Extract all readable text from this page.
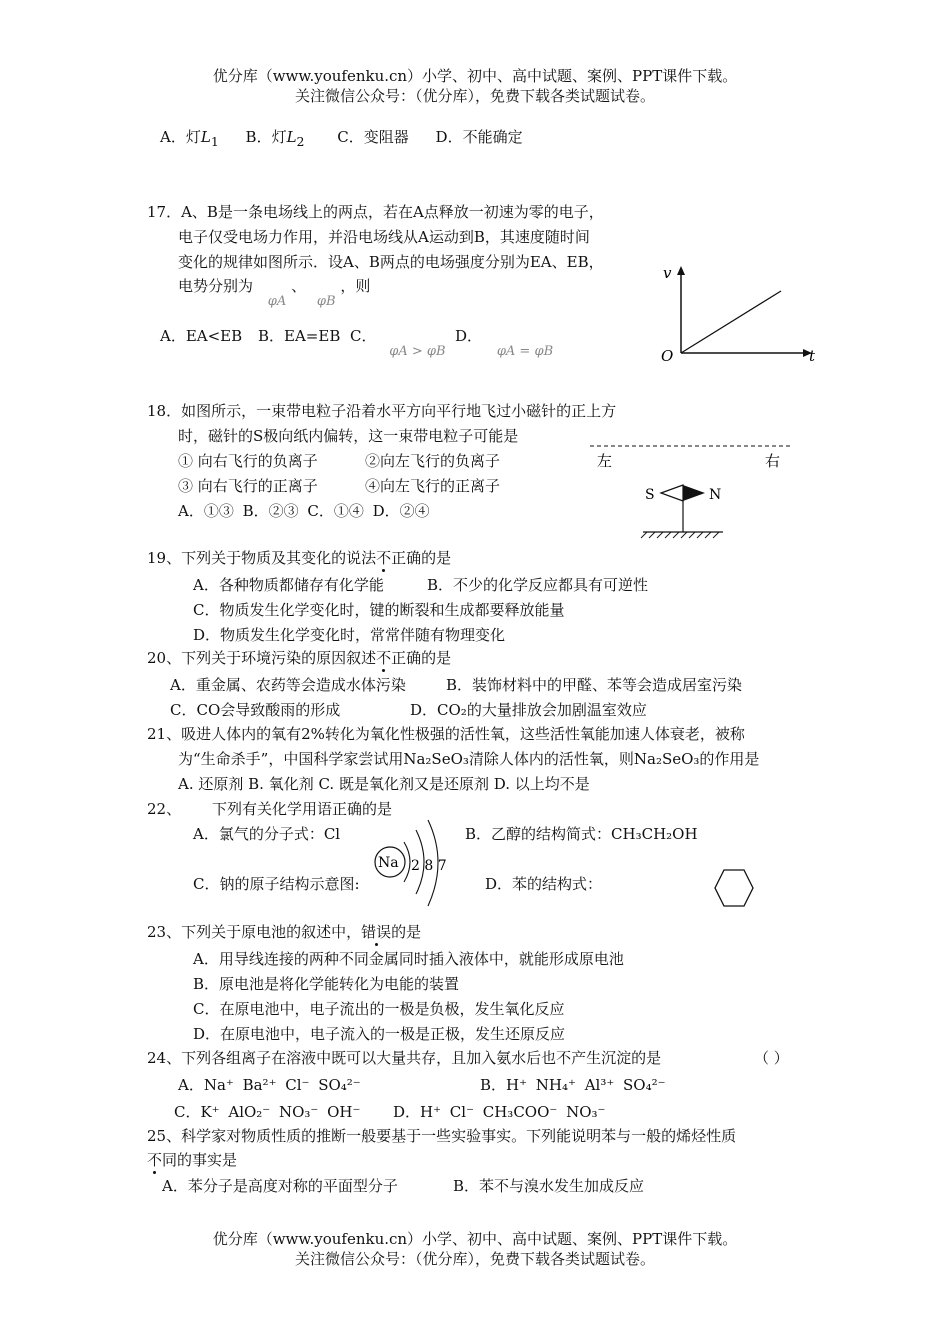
优分库（www.youfenku.cn）小学、初中、高中试题、案例、PPT课件下载。
关注微信公众号：（优分库），免费下载各类试题试卷。
A．灯$L_1$ B．灯$L_2$ C．变阻器 D．不能确定
17．A、B是一条电场线上的两点，若在A点释放一初速为零的电子，
电子仅受电场力作用，并沿电场线从A运动到B，其速度随时间
变化的规律如图所示．设A、B两点的电场强度分别为EA、EB，
电势分别为 φA 、 φB ，则
A．EA<EB B．EA=EB C． φA > φB
D． φA = φB
v
t
O
18．如图所示，一束带电粒子沿着水平方向平行地飞过小磁针的正上方
时，磁针的S极向纸内偏转，这一束带电粒子可能是
① 向右飞行的负离子	②向左飞行的负离子
③ 向右飞行的正离子	④向左飞行的正离子
A．①③ B．②③ C．①④ D．②④
左	右
S	N
19、下列关于物质及其变化的说法不正确的是
A．各种物质都储存有化学能	B．不少的化学反应都具有可逆性
C．物质发生化学变化时，键的断裂和生成都要释放能量
D．物质发生化学变化时，常常伴随有物理变化
20、下列关于环境污染的原因叙述不正确的是
A．重金属、农药等会造成水体污染	B．装饰材料中的甲醛、苯等会造成居室污染
C．CO会导致酸雨的形成	D．CO₂的大量排放会加剧温室效应
21、吸进人体内的氧有2%转化为氧化性极强的活性氧，这些活性氧能加速人体衰老，被称
为“生命杀手”，中国科学家尝试用Na₂SeO₃清除人体内的活性氧，则Na₂SeO₃的作用是
A. 还原剂 B. 氧化剂 C. 既是氧化剂又是还原剂 D. 以上均不是
22、 下列有关化学用语正确的是
A．氯气的分子式：Cl	B．乙醇的结构简式：CH₃CH₂OH
C．钠的原子结构示意图:	D．苯的结构式：
Na 2 8 7
23、下列关于原电池的叙述中，错误的是
A．用导线连接的两种不同金属同时插入液体中，就能形成原电池
B．原电池是将化学能转化为电能的装置
C．在原电池中，电子流出的一极是负极，发生氧化反应
D．在原电池中，电子流入的一极是正极，发生还原反应
24、下列各组离子在溶液中既可以大量共存，且加入氨水后也不产生沉淀的是	（ ）
A．Na⁺ Ba²⁺ Cl⁻ SO₄²⁻	B．H⁺ NH₄⁺ Al³⁺ SO₄²⁻
C．K⁺ AlO₂⁻ NO₃⁻ OH⁻ D．H⁺ Cl⁻ CH₃COO⁻ NO₃⁻
25、科学家对物质性质的推断一般要基于一些实验事实。下列能说明苯与一般的烯烃性质
不同的事实是
A．苯分子是高度对称的平面型分子	B．苯不与溴水发生加成反应
优分库（www.youfenku.cn）小学、初中、高中试题、案例、PPT课件下载。
关注微信公众号：（优分库），免费下载各类试题试卷。
